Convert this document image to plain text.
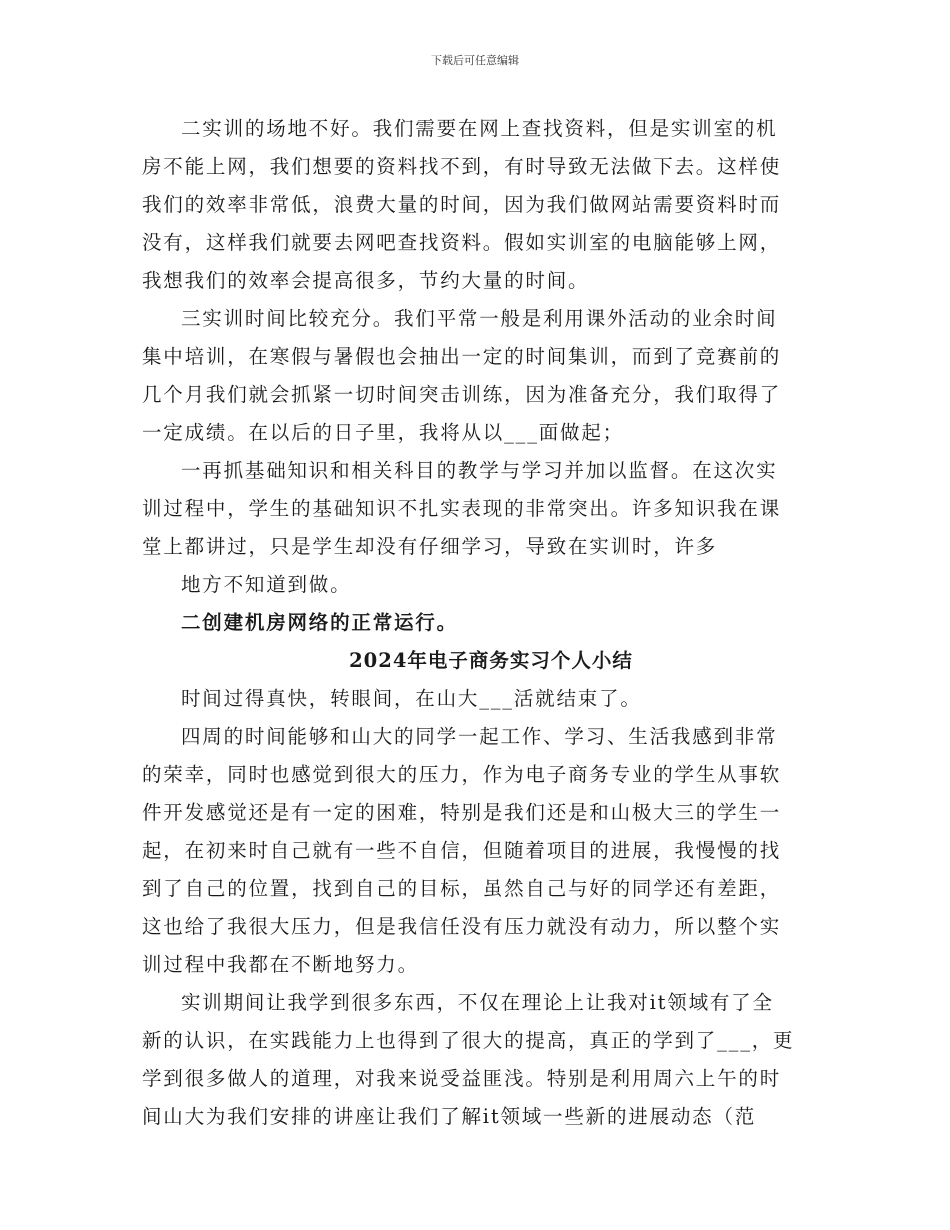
下载后可任意编辑
二实训的场地不好。我们需要在网上查找资料，但是实训室的机
房不能上网，我们想要的资料找不到，有时导致无法做下去。这样使
我们的效率非常低，浪费大量的时间，因为我们做网站需要资料时而
没有，这样我们就要去网吧查找资料。假如实训室的电脑能够上网，
我想我们的效率会提高很多，节约大量的时间。
三实训时间比较充分。我们平常一般是利用课外活动的业余时间
集中培训，在寒假与暑假也会抽出一定的时间集训，而到了竞赛前的
几个月我们就会抓紧一切时间突击训练，因为准备充分，我们取得了
一定成绩。在以后的日子里，我将从以___面做起；
一再抓基础知识和相关科目的教学与学习并加以监督。在这次实
训过程中，学生的基础知识不扎实表现的非常突出。许多知识我在课
堂上都讲过，只是学生却没有仔细学习，导致在实训时，许多
地方不知道到做。
二创建机房网络的正常运行。
2024年电子商务实习个人小结
时间过得真快，转眼间，在山大___活就结束了。
四周的时间能够和山大的同学一起工作、学习、生活我感到非常
的荣幸，同时也感觉到很大的压力，作为电子商务专业的学生从事软
件开发感觉还是有一定的困难，特别是我们还是和山极大三的学生一
起，在初来时自己就有一些不自信，但随着项目的进展，我慢慢的找
到了自己的位置，找到自己的目标，虽然自己与好的同学还有差距，
这也给了我很大压力，但是我信任没有压力就没有动力，所以整个实
训过程中我都在不断地努力。
实训期间让我学到很多东西，不仅在理论上让我对it领域有了全
新的认识，在实践能力上也得到了很大的提高，真正的学到了___，更
学到很多做人的道理，对我来说受益匪浅。特别是利用周六上午的时
间山大为我们安排的讲座让我们了解it领域一些新的进展动态（范
